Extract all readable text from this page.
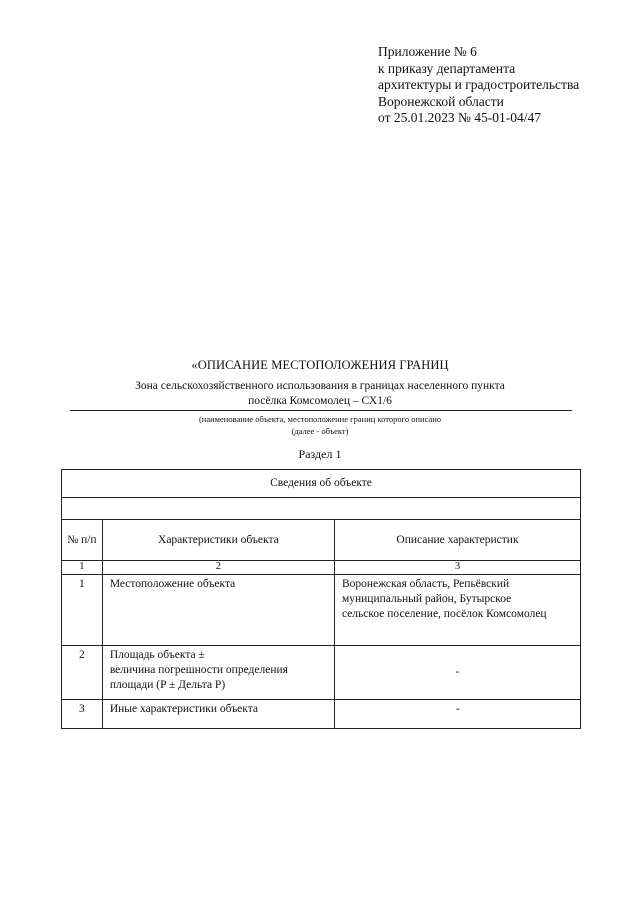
Приложение № 6
к приказу департамента
архитектуры и градостроительства
Воронежской области
от 25.01.2023 № 45-01-04/47
«ОПИСАНИЕ МЕСТОПОЛОЖЕНИЯ ГРАНИЦ
Зона сельскохозяйственного использования в границах населенного пункта
посёлка Комсомолец – СХ1/6
(наименование объекта, местоположение границ которого описано
(далее - объект)
Раздел 1
Сведения об объекте		

№ п/п	Характеристики объекта	Описание характеристик
1	2	3
1	Местоположение объекта	Воронежская область, Репьёвский
муниципальный район, Бутырское
сельское поселение, посёлок Комсомолец

2	Площадь объекта ±
величина погрешности определения
площади (P ± Дельта P)	-
3	Иные характеристики объекта	-
